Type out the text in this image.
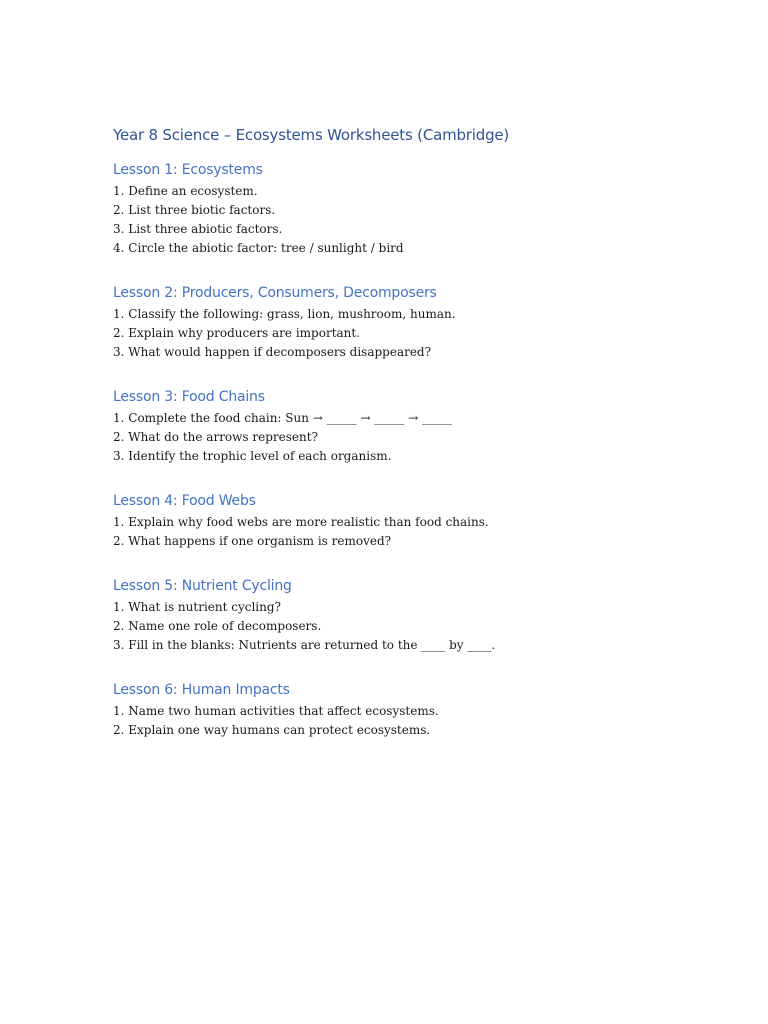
Year 8 Science – Ecosystems Worksheets (Cambridge)
Lesson 1: Ecosystems
1. Define an ecosystem.
2. List three biotic factors.
3. List three abiotic factors.
4. Circle the abiotic factor: tree / sunlight / bird
Lesson 2: Producers, Consumers, Decomposers
1. Classify the following: grass, lion, mushroom, human.
2. Explain why producers are important.
3. What would happen if decomposers disappeared?
Lesson 3: Food Chains
1. Complete the food chain: Sun → _____ → _____ → _____
2. What do the arrows represent?
3. Identify the trophic level of each organism.
Lesson 4: Food Webs
1. Explain why food webs are more realistic than food chains.
2. What happens if one organism is removed?
Lesson 5: Nutrient Cycling
1. What is nutrient cycling?
2. Name one role of decomposers.
3. Fill in the blanks: Nutrients are returned to the ____ by ____.
Lesson 6: Human Impacts
1. Name two human activities that affect ecosystems.
2. Explain one way humans can protect ecosystems.
